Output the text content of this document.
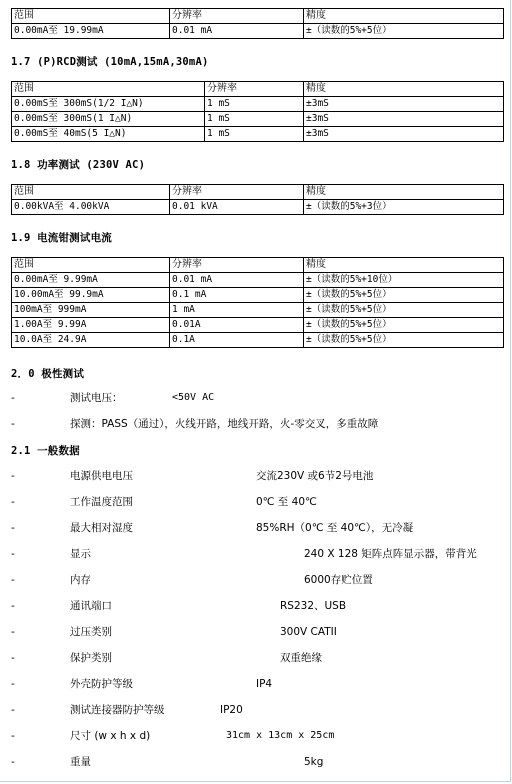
范围	分辨率	精度
0.00mA至 19.99mA	0.01 mA	±（读数的5%+5位）
1.7 (P)RCD测试 (10mA,15mA,30mA)
范围	分辨率	精度
0.00mS至 300mS(1/2 I△N)	1 mS	±3mS
0.00mS至 300mS(1 I△N)	1 mS	±3mS
0.00mS至 40mS(5 I△N)	1 mS	±3mS
1.8 功率测试 (230V AC)
范围	分辨率	精度
0.00kVA至 4.00kVA	0.01 kVA	±（读数的5%+3位）
1.9 电流钳测试电流
范围	分辨率	精度
0.00mA至 9.99mA	0.01 mA	±（读数的5%+10位）
10.00mA至 99.9mA	0.1 mA	±（读数的5%+5位）
100mA至 999mA	1 mA	±（读数的5%+5位）
1.00A至 9.99A	0.01A	±（读数的5%+5位）
10.0A至 24.9A	0.1A	±（读数的5%+5位）
2．0 极性测试
-	测试电压：	<50V AC
-	探测：PASS（通过），火线开路，地线开路，火-零交叉，多重故障
2.1 一般数据
-	电源供电电压	交流230V 或6节2号电池
-	工作温度范围	0℃ 至 40℃
-	最大相对湿度	85%RH（0℃ 至 40℃），无冷凝
-	显示	240 X 128 矩阵点阵显示器，带背光
-	内存	6000存贮位置
-	通讯端口	RS232、USB
-	过压类别	300V CATII
-	保护类别	双重绝缘
-	外壳防护等级	IP4
-	测试连接器防护等级	IP20
-	尺寸 (w x h x d)	31cm x 13cm x 25cm
-	重量	5kg
